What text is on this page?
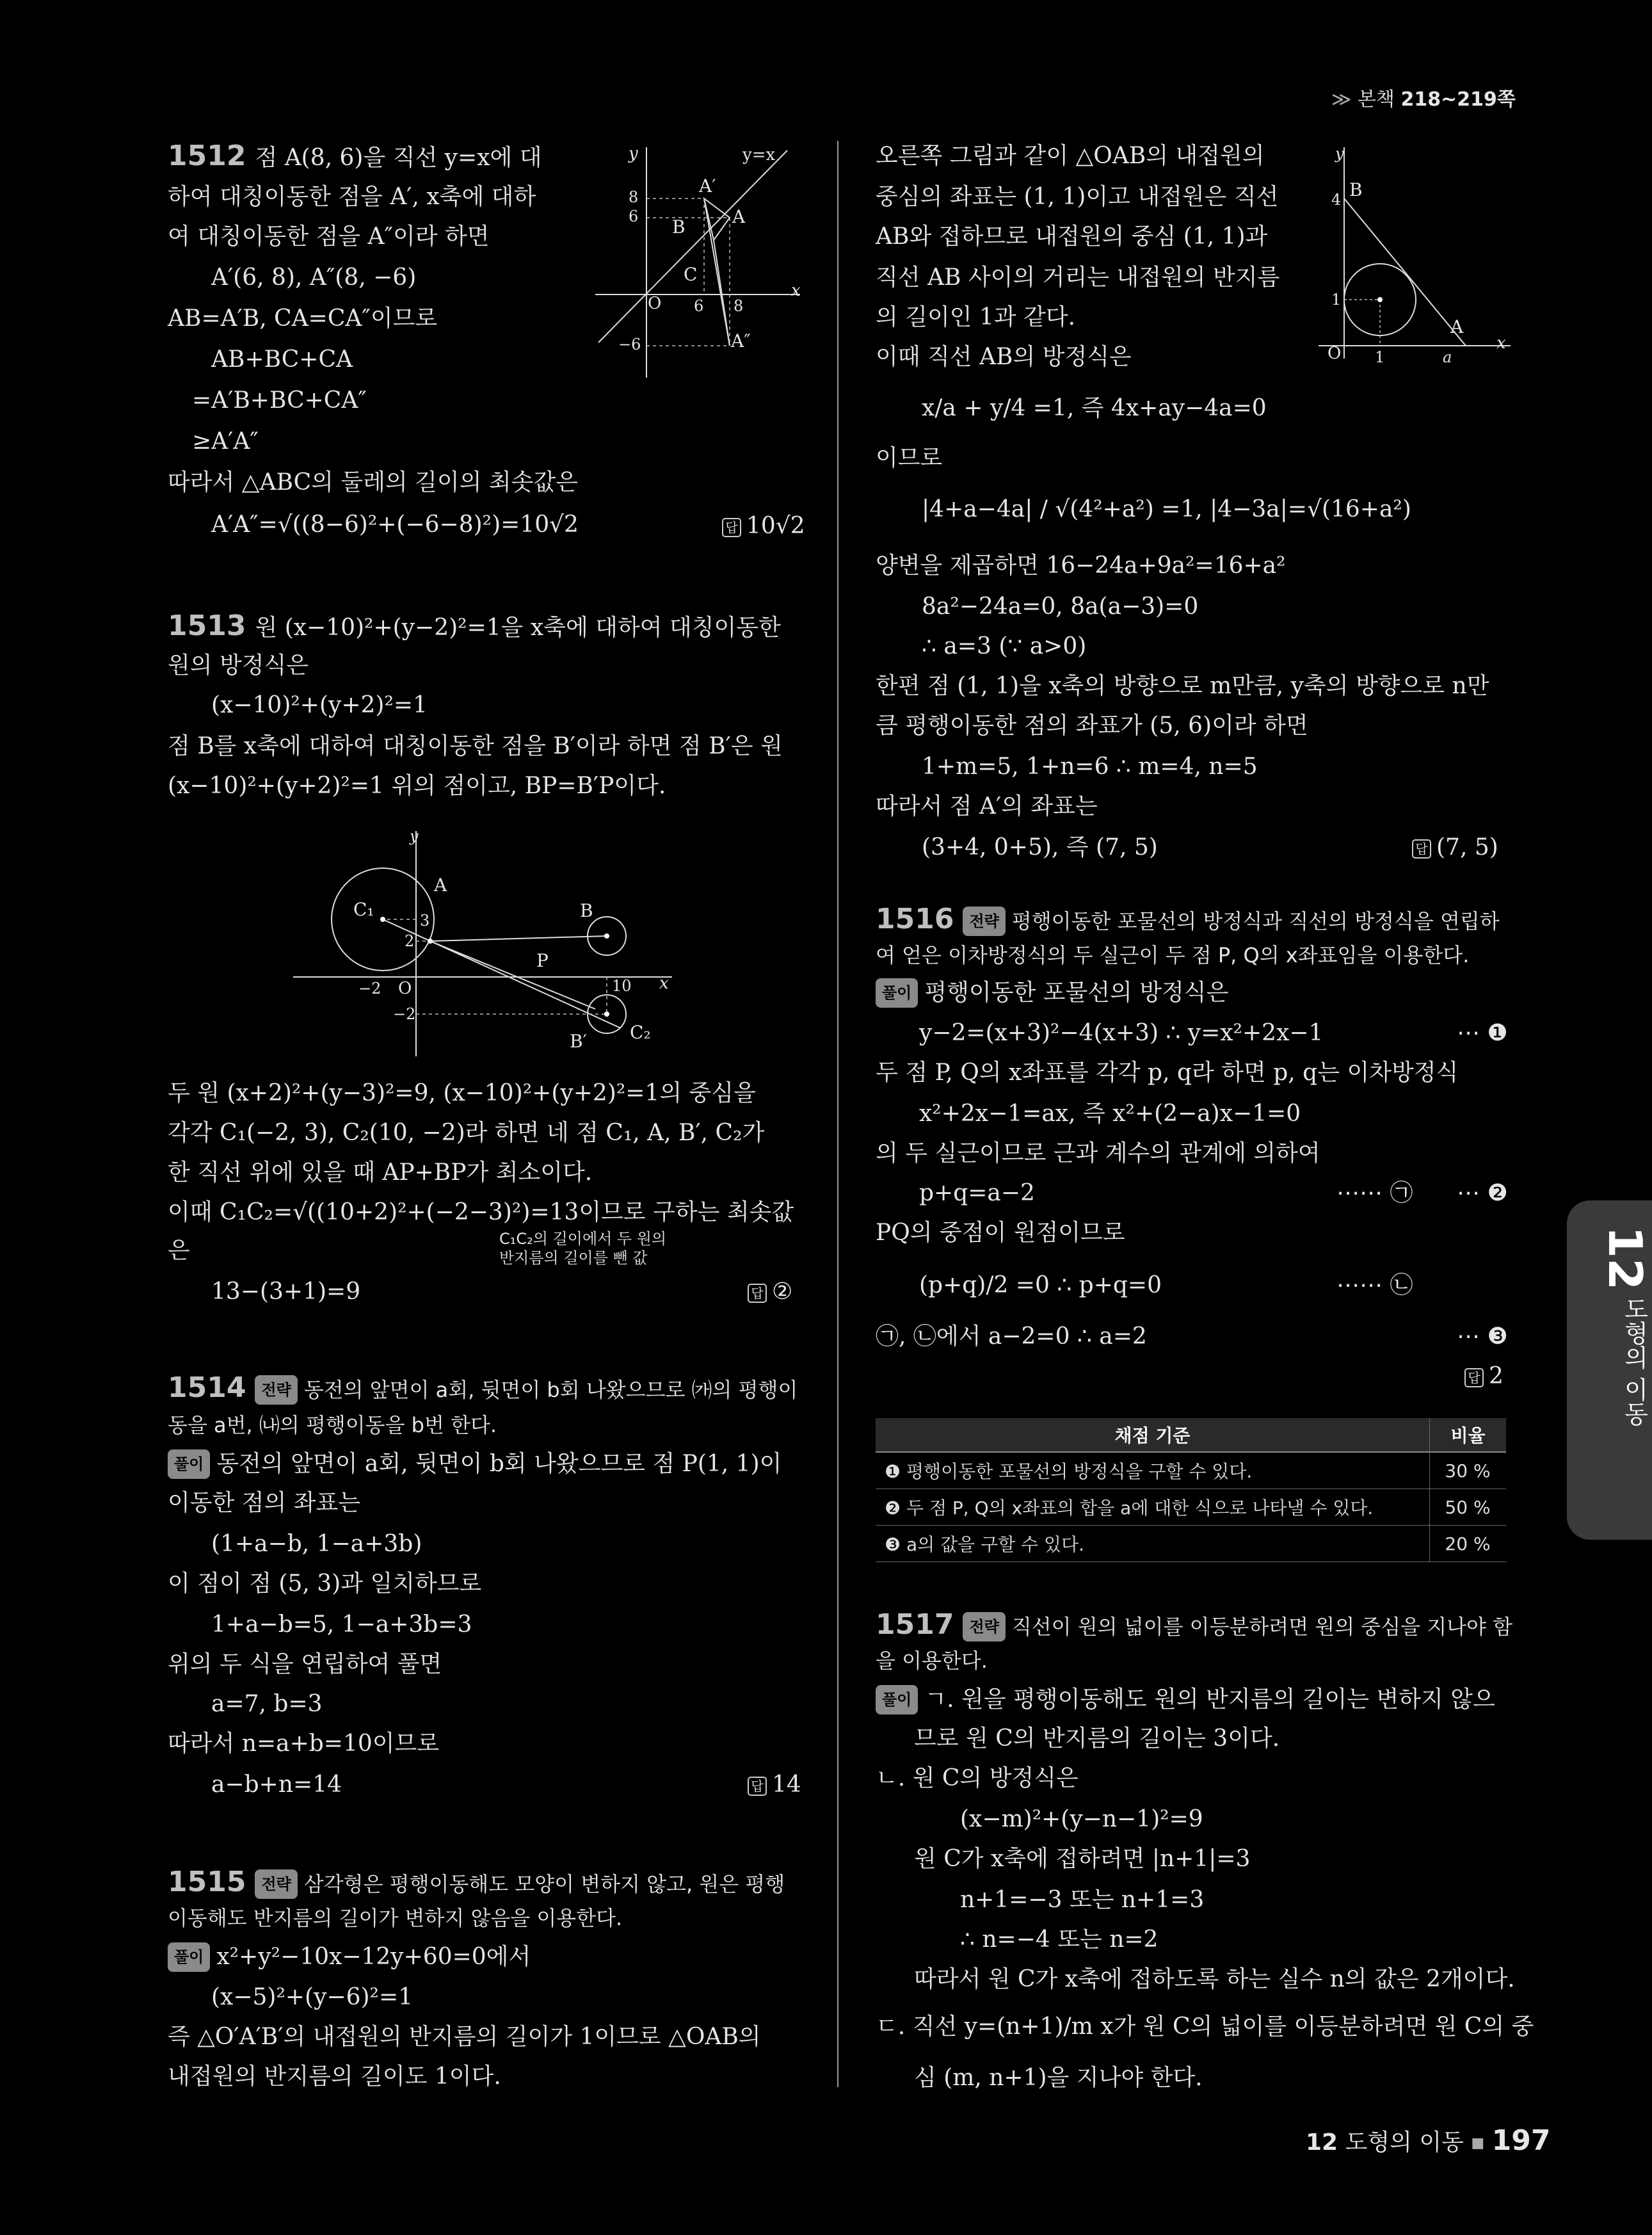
≫ 본책 218~219쪽
1512 점 A(8, 6)을 직선 y=x에 대
하여 대칭이동한 점을 A′, x축에 대하
여 대칭이동한 점을 A″이라 하면
A′(6, 8), A″(8, −6)
AB=A′B, CA=CA″이므로
AB+BC+CA
=A′B+BC+CA″
≥A′A″
따라서 △ABC의 둘레의 길이의 최솟값은
A′A″=√((8−6)²+(−6−8)²)=10√2	답 10√2
y
x
y=x
A′
A
A″
B
C
O
8
6
−6
6 8
1513 원 (x−10)²+(y−2)²=1을 x축에 대하여 대칭이동한
원의 방정식은
(x−10)²+(y+2)²=1
점 B를 x축에 대하여 대칭이동한 점을 B′이라 하면 점 B′은 원
(x−10)²+(y+2)²=1 위의 점이고, BP=B′P이다.
y
x
C₁
A
B
P
O
B′ C₂
3
2
−2
−2
10
두 원 (x+2)²+(y−3)²=9, (x−10)²+(y+2)²=1의 중심을
각각 C₁(−2, 3), C₂(10, −2)라 하면 네 점 C₁, A, B′, C₂가
한 직선 위에 있을 때 AP+BP가 최소이다.
이때 C₁C₂=√((10+2)²+(−2−3)²)=13이므로 구하는 최솟값
은	C₁C₂의 길이에서 두 원의
반지름의 길이를 뺀 값
13−(3+1)=9	답 ②
1514 전략 동전의 앞면이 a회, 뒷면이 b회 나왔으므로 ㈎의 평행이
동을 a번, ㈏의 평행이동을 b번 한다.
풀이 동전의 앞면이 a회, 뒷면이 b회 나왔으므로 점 P(1, 1)이
이동한 점의 좌표는
(1+a−b, 1−a+3b)
이 점이 점 (5, 3)과 일치하므로
1+a−b=5, 1−a+3b=3
위의 두 식을 연립하여 풀면
a=7, b=3
따라서 n=a+b=10이므로
a−b+n=14	답 14
1515 전략 삼각형은 평행이동해도 모양이 변하지 않고, 원은 평행
이동해도 반지름의 길이가 변하지 않음을 이용한다.
풀이 x²+y²−10x−12y+60=0에서
(x−5)²+(y−6)²=1
즉 △O′A′B′의 내접원의 반지름의 길이가 1이므로 △OAB의
내접원의 반지름의 길이도 1이다.
오른쪽 그림과 같이 △OAB의 내접원의
중심의 좌표는 (1, 1)이고 내접원은 직선
AB와 접하므로 내접원의 중심 (1, 1)과
직선 AB 사이의 거리는 내접원의 반지름
의 길이인 1과 같다.
이때 직선 AB의 방정식은
y
x
B
A
O
4
1
1	a
x/a + y/4 =1, 즉 4x+ay−4a=0
이므로
|4+a−4a| / √(4²+a²) =1, |4−3a|=√(16+a²)
양변을 제곱하면 16−24a+9a²=16+a²
8a²−24a=0, 8a(a−3)=0
∴ a=3 (∵ a>0)
한편 점 (1, 1)을 x축의 방향으로 m만큼, y축의 방향으로 n만
큼 평행이동한 점의 좌표가 (5, 6)이라 하면
1+m=5, 1+n=6 ∴ m=4, n=5
따라서 점 A′의 좌표는
(3+4, 0+5), 즉 (7, 5)	답 (7, 5)
1516 전략 평행이동한 포물선의 방정식과 직선의 방정식을 연립하
여 얻은 이차방정식의 두 실근이 두 점 P, Q의 x좌표임을 이용한다.
풀이 평행이동한 포물선의 방정식은
y−2=(x+3)²−4(x+3) ∴ y=x²+2x−1	⋯ ❶
두 점 P, Q의 x좌표를 각각 p, q라 하면 p, q는 이차방정식
x²+2x−1=ax, 즉 x²+(2−a)x−1=0
의 두 실근이므로 근과 계수의 관계에 의하여
p+q=a−2	⋯⋯ ㉠ ⋯ ❷
PQ의 중점이 원점이므로
(p+q)/2 =0 ∴ p+q=0	⋯⋯ ㉡
㉠, ㉡에서 a−2=0 ∴ a=2	⋯ ❸
답 2
채점 기준	비율
❶ 평행이동한 포물선의 방정식을 구할 수 있다.	30 %
❷ 두 점 P, Q의 x좌표의 합을 a에 대한 식으로 나타낼 수 있다.	50 %
❸ a의 값을 구할 수 있다.	20 %
1517 전략 직선이 원의 넓이를 이등분하려면 원의 중심을 지나야 함
을 이용한다.
풀이 ㄱ. 원을 평행이동해도 원의 반지름의 길이는 변하지 않으
므로 원 C의 반지름의 길이는 3이다.
ㄴ. 원 C의 방정식은
(x−m)²+(y−n−1)²=9
원 C가 x축에 접하려면 |n+1|=3
n+1=−3 또는 n+1=3
∴ n=−4 또는 n=2
따라서 원 C가 x축에 접하도록 하는 실수 n의 값은 2개이다.
ㄷ. 직선 y=(n+1)/m x가 원 C의 넓이를 이등분하려면 원 C의 중
심 (m, n+1)을 지나야 한다.
12
도형의 이동
12 도형의 이동 ■ 197
